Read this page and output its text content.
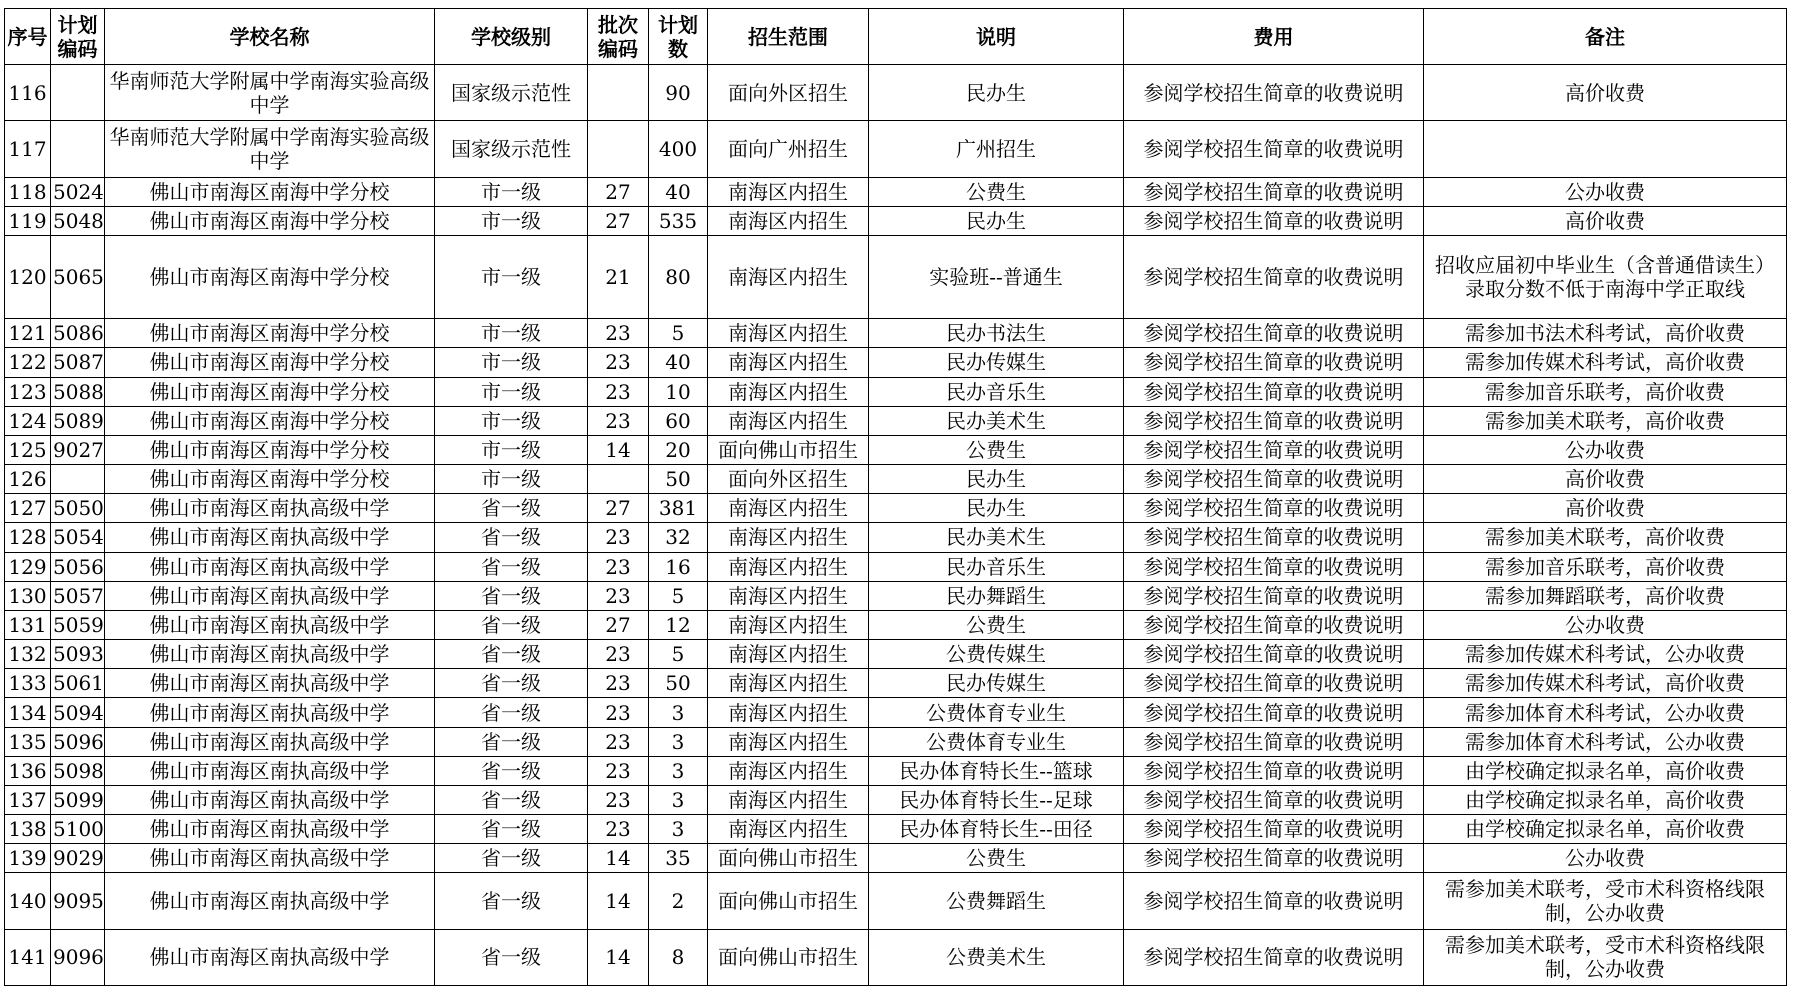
序号	计划编码	学校名称	学校级别	批次编码	计划数	招生范围	说明	费用	备注
116		华南师范大学附属中学南海实验高级中学	国家级示范性		90	面向外区招生	民办生	参阅学校招生简章的收费说明	高价收费
117		华南师范大学附属中学南海实验高级中学	国家级示范性		400	面向广州招生	广州招生	参阅学校招生简章的收费说明	
118	5024	佛山市南海区南海中学分校	市一级	27	40	南海区内招生	公费生	参阅学校招生简章的收费说明	公办收费
119	5048	佛山市南海区南海中学分校	市一级	27	535	南海区内招生	民办生	参阅学校招生简章的收费说明	高价收费
120	5065	佛山市南海区南海中学分校	市一级	21	80	南海区内招生	实验班--普通生	参阅学校招生简章的收费说明	招收应届初中毕业生（含普通借读生）录取分数不低于南海中学正取线
121	5086	佛山市南海区南海中学分校	市一级	23	5	南海区内招生	民办书法生	参阅学校招生简章的收费说明	需参加书法术科考试，高价收费
122	5087	佛山市南海区南海中学分校	市一级	23	40	南海区内招生	民办传媒生	参阅学校招生简章的收费说明	需参加传媒术科考试，高价收费
123	5088	佛山市南海区南海中学分校	市一级	23	10	南海区内招生	民办音乐生	参阅学校招生简章的收费说明	需参加音乐联考，高价收费
124	5089	佛山市南海区南海中学分校	市一级	23	60	南海区内招生	民办美术生	参阅学校招生简章的收费说明	需参加美术联考，高价收费
125	9027	佛山市南海区南海中学分校	市一级	14	20	面向佛山市招生	公费生	参阅学校招生简章的收费说明	公办收费
126		佛山市南海区南海中学分校	市一级		50	面向外区招生	民办生	参阅学校招生简章的收费说明	高价收费
127	5050	佛山市南海区南执高级中学	省一级	27	381	南海区内招生	民办生	参阅学校招生简章的收费说明	高价收费
128	5054	佛山市南海区南执高级中学	省一级	23	32	南海区内招生	民办美术生	参阅学校招生简章的收费说明	需参加美术联考，高价收费
129	5056	佛山市南海区南执高级中学	省一级	23	16	南海区内招生	民办音乐生	参阅学校招生简章的收费说明	需参加音乐联考，高价收费
130	5057	佛山市南海区南执高级中学	省一级	23	5	南海区内招生	民办舞蹈生	参阅学校招生简章的收费说明	需参加舞蹈联考，高价收费
131	5059	佛山市南海区南执高级中学	省一级	27	12	南海区内招生	公费生	参阅学校招生简章的收费说明	公办收费
132	5093	佛山市南海区南执高级中学	省一级	23	5	南海区内招生	公费传媒生	参阅学校招生简章的收费说明	需参加传媒术科考试，公办收费
133	5061	佛山市南海区南执高级中学	省一级	23	50	南海区内招生	民办传媒生	参阅学校招生简章的收费说明	需参加传媒术科考试，高价收费
134	5094	佛山市南海区南执高级中学	省一级	23	3	南海区内招生	公费体育专业生	参阅学校招生简章的收费说明	需参加体育术科考试，公办收费
135	5096	佛山市南海区南执高级中学	省一级	23	3	南海区内招生	公费体育专业生	参阅学校招生简章的收费说明	需参加体育术科考试，公办收费
136	5098	佛山市南海区南执高级中学	省一级	23	3	南海区内招生	民办体育特长生--篮球	参阅学校招生简章的收费说明	由学校确定拟录名单，高价收费
137	5099	佛山市南海区南执高级中学	省一级	23	3	南海区内招生	民办体育特长生--足球	参阅学校招生简章的收费说明	由学校确定拟录名单，高价收费
138	5100	佛山市南海区南执高级中学	省一级	23	3	南海区内招生	民办体育特长生--田径	参阅学校招生简章的收费说明	由学校确定拟录名单，高价收费
139	9029	佛山市南海区南执高级中学	省一级	14	35	面向佛山市招生	公费生	参阅学校招生简章的收费说明	公办收费
140	9095	佛山市南海区南执高级中学	省一级	14	2	面向佛山市招生	公费舞蹈生	参阅学校招生简章的收费说明	需参加美术联考，受市术科资格线限制，公办收费
141	9096	佛山市南海区南执高级中学	省一级	14	8	面向佛山市招生	公费美术生	参阅学校招生简章的收费说明	需参加美术联考，受市术科资格线限制，公办收费
